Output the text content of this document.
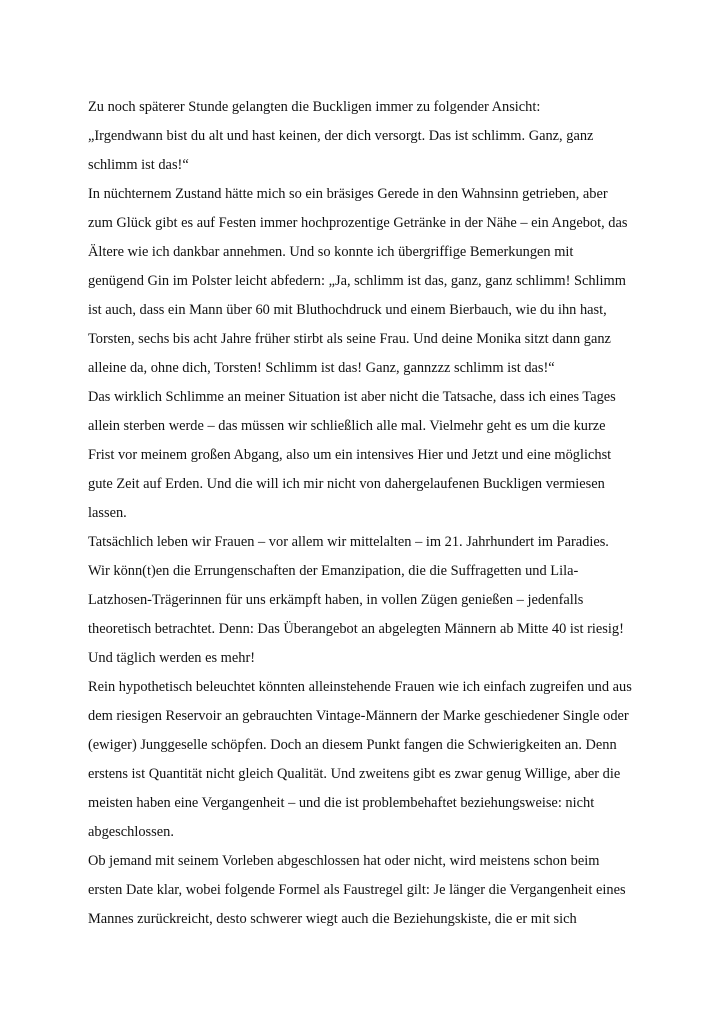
Zu noch späterer Stunde gelangten die Buckligen immer zu folgender Ansicht:
„Irgendwann bist du alt und hast keinen, der dich versorgt. Das ist schlimm. Ganz, ganz
schlimm ist das!“
In nüchternem Zustand hätte mich so ein bräsiges Gerede in den Wahnsinn getrieben, aber
zum Glück gibt es auf Festen immer hochprozentige Getränke in der Nähe – ein Angebot, das
Ältere wie ich dankbar annehmen. Und so konnte ich übergriffige Bemerkungen mit
genügend Gin im Polster leicht abfedern: „Ja, schlimm ist das, ganz, ganz schlimm! Schlimm
ist auch, dass ein Mann über 60 mit Bluthochdruck und einem Bierbauch, wie du ihn hast,
Torsten, sechs bis acht Jahre früher stirbt als seine Frau. Und deine Monika sitzt dann ganz
alleine da, ohne dich, Torsten! Schlimm ist das! Ganz, gannzzz schlimm ist das!“
Das wirklich Schlimme an meiner Situation ist aber nicht die Tatsache, dass ich eines Tages
allein sterben werde – das müssen wir schließlich alle mal. Vielmehr geht es um die kurze
Frist vor meinem großen Abgang, also um ein intensives Hier und Jetzt und eine möglichst
gute Zeit auf Erden. Und die will ich mir nicht von dahergelaufenen Buckligen vermiesen
lassen.
Tatsächlich leben wir Frauen – vor allem wir mittelalten – im 21. Jahrhundert im Paradies.
Wir könn(t)en die Errungenschaften der Emanzipation, die die Suffragetten und Lila-
Latzhosen-Trägerinnen für uns erkämpft haben, in vollen Zügen genießen – jedenfalls
theoretisch betrachtet. Denn: Das Überangebot an abgelegten Männern ab Mitte 40 ist riesig!
Und täglich werden es mehr!
Rein hypothetisch beleuchtet könnten alleinstehende Frauen wie ich einfach zugreifen und aus
dem riesigen Reservoir an gebrauchten Vintage-Männern der Marke geschiedener Single oder
(ewiger) Junggeselle schöpfen. Doch an diesem Punkt fangen die Schwierigkeiten an. Denn
erstens ist Quantität nicht gleich Qualität. Und zweitens gibt es zwar genug Willige, aber die
meisten haben eine Vergangenheit – und die ist problembehaftet beziehungsweise: nicht
abgeschlossen.
Ob jemand mit seinem Vorleben abgeschlossen hat oder nicht, wird meistens schon beim
ersten Date klar, wobei folgende Formel als Faustregel gilt: Je länger die Vergangenheit eines
Mannes zurückreicht, desto schwerer wiegt auch die Beziehungskiste, die er mit sich
